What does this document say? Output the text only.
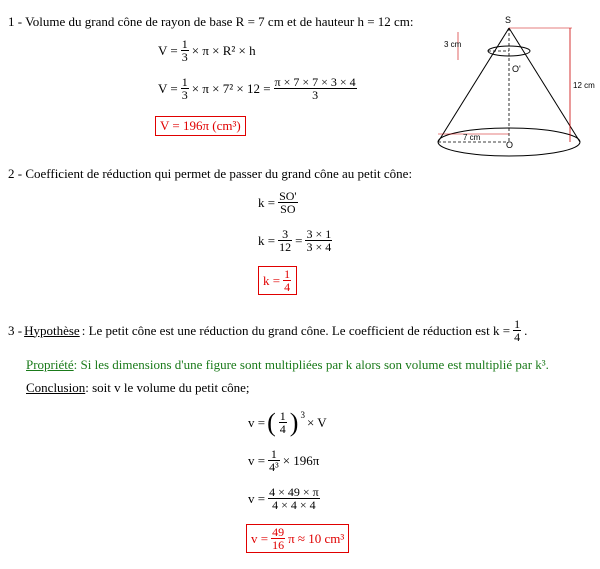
1 - Volume du grand cône de rayon de base R = 7 cm et de hauteur h = 12 cm:
$V = \frac{1}{3} \times \pi \times R^2 \times h$
$V = \frac{1}{3} \times \pi \times 7^2 \times 12 = \frac{\pi \times 7 \times 7 \times 3 \times 4}{3}$
V = 196π (cm³)
S
O'
O
3 cm
12 cm
7 cm
2 - Coefficient de réduction qui permet de passer du grand cône au petit cône:
$k = \frac{SO'}{SO}$
$k = \frac{3}{12} = \frac{3 \times 1}{3 \times 4}$
$k = \frac{1}{4}$
3 - Hypothèse : Le petit cône est une réduction du grand cône. Le coefficient de réduction est $k = \frac{1}{4}$ .
Propriété: Si les dimensions d'une figure sont multipliées par k alors son volume est multiplié par k³.
Conclusion: soit v le volume du petit cône;
v = ( $\frac{1}{4} )^3 \times V$
$v = \frac{1}{\text{4³}} \times 196\pi$
$v = \frac{4 \times 49 \times \pi}{4 \times 4 \times 4}$
$v = \frac{49}{16}$ π ≈ 10 cm³
